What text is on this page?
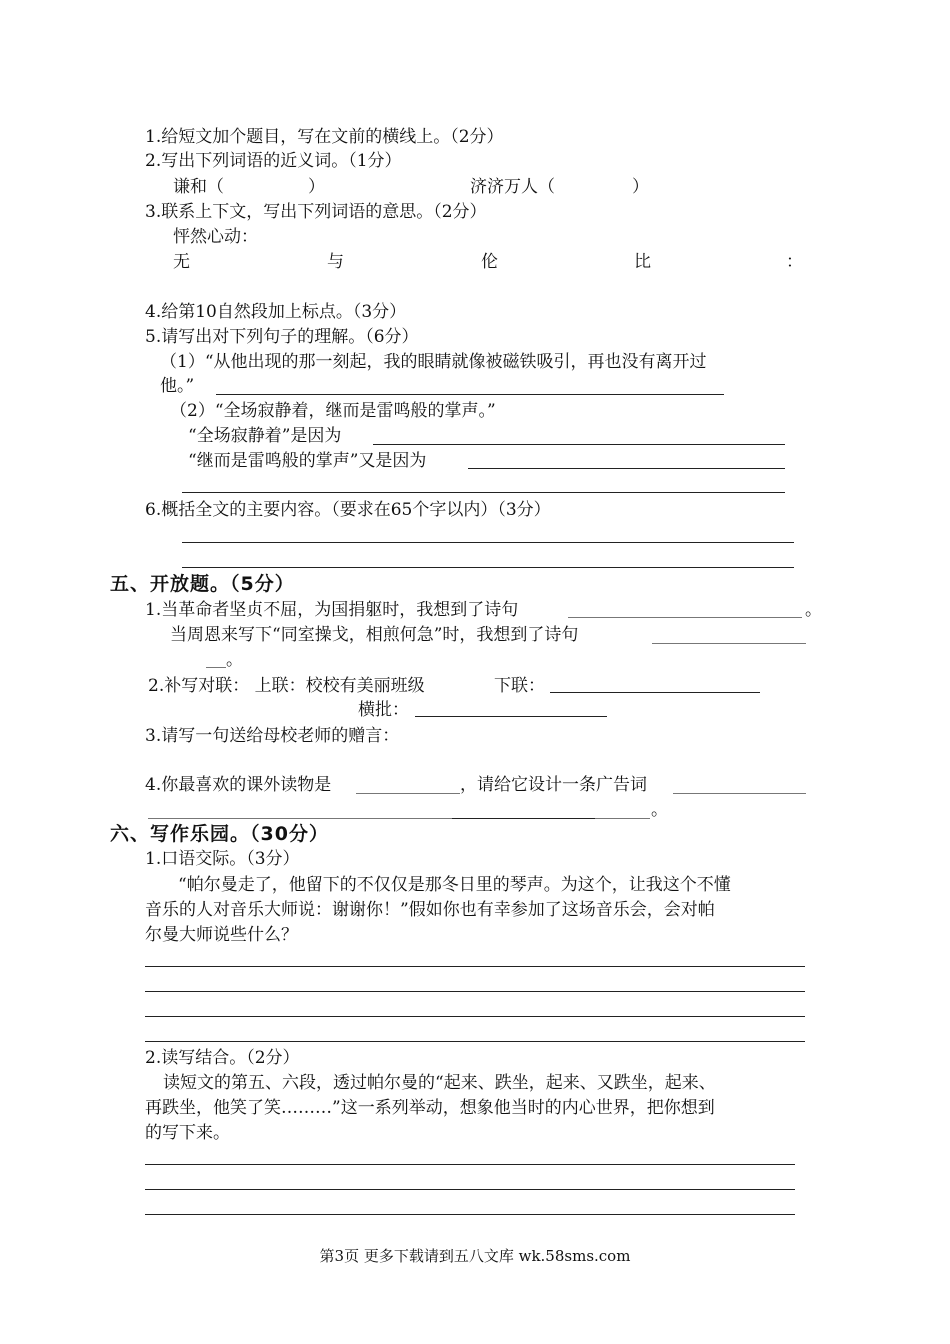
1.给短文加个题目，写在文前的横线上。（2分）
2.写出下列词语的近义词。（1分）
谦和（	）	济济万人（	）
3.联系上下文，写出下列词语的意思。（2分）
怦然心动：
无	与	伦	比	：
4.给第10自然段加上标点。（3分）
5.请写出对下列句子的理解。（6分）
（1）“从他出现的那一刻起，我的眼睛就像被磁铁吸引，再也没有离开过
他。”
（2）“全场寂静着，继而是雷鸣般的掌声。”
“全场寂静着”是因为
“继而是雷鸣般的掌声”又是因为
6.概括全文的主要内容。（要求在65个字以内）（3分）
五、开放题。（5分）
1.当革命者坚贞不屈，为国捐躯时，我想到了诗句	。
当周恩来写下“同室操戈，相煎何急”时，我想到了诗句
。
2.补写对联： 上联：校校有美丽班级	下联：
横批：
3.请写一句送给母校老师的赠言：
4.你最喜欢的课外读物是	，请给它设计一条广告词
。
六、写作乐园。（30分）
1.口语交际。（3分）
“帕尔曼走了，他留下的不仅仅是那冬日里的琴声。为这个，让我这个不懂
音乐的人对音乐大师说：谢谢你！”假如你也有幸参加了这场音乐会，会对帕
尔曼大师说些什么？
2.读写结合。（2分）
读短文的第五、六段，透过帕尔曼的“起来、跌坐，起来、又跌坐，起来、
再跌坐，他笑了笑………”这一系列举动，想象他当时的内心世界，把你想到
的写下来。
第3页 更多下载请到五八文库 wk.58sms.com
